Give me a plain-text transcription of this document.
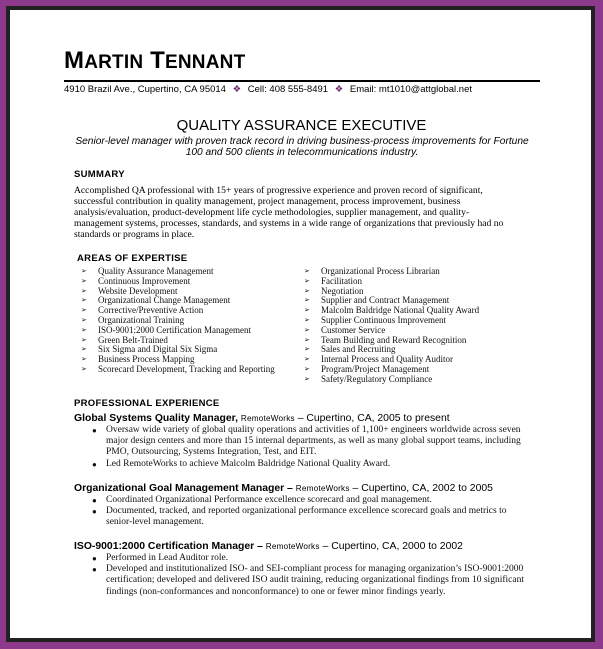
MARTIN TENNANT
4910 Brazil Ave., Cupertino, CA 95014 ❖ Cell: 408 555-8491 ❖ Email: mt1010@attglobal.net
QUALITY ASSURANCE EXECUTIVE
Senior-level manager with proven track record in driving business-process improvements for Fortune 100 and 500 clients in telecommunications industry.
SUMMARY
Accomplished QA professional with 15+ years of progressive experience and proven record of significant, successful contribution in quality management, project management, process improvement, business analysis/evaluation, product-development life cycle methodologies, supplier management, and quality-management systems, processes, standards, and systems in a wide range of organizations that previously had no standards or programs in place.
AREAS OF EXPERTISE
➢ Quality Assurance Management
➢ Continuous Improvement
➢ Website Development
➢ Organizational Change Management
➢ Corrective/Preventive Action
➢ Organizational Training
➢ ISO-9001:2000 Certification Management
➢ Green Belt-Trained
➢ Six Sigma and Digital Six Sigma
➢ Business Process Mapping
➢ Scorecard Development, Tracking and Reporting
➢ Organizational Process Librarian
➢ Facilitation
➢ Negotiation
➢ Supplier and Contract Management
➢ Malcolm Baldridge National Quality Award
➢ Supplier Continuous Improvement
➢ Customer Service
➢ Team Building and Reward Recognition
➢ Sales and Recruiting
➢ Internal Process and Quality Auditor
➢ Program/Project Management
➢ Safety/Regulatory Compliance
PROFESSIONAL EXPERIENCE
Global Systems Quality Manager, RemoteWorks – Cupertino, CA, 2005 to present
● Oversaw wide variety of global quality operations and activities of 1,100+ engineers worldwide across seven major design centers and more than 15 internal departments, as well as many global support teams, including PMO, Outsourcing, Systems Integration, Test, and EIT.
● Led RemoteWorks to achieve Malcolm Baldridge National Quality Award.
Organizational Goal Management Manager – RemoteWorks – Cupertino, CA, 2002 to 2005
● Coordinated Organizational Performance excellence scorecard and goal management.
● Documented, tracked, and reported organizational performance excellence scorecard goals and metrics to senior-level management.
ISO-9001:2000 Certification Manager – RemoteWorks – Cupertino, CA, 2000 to 2002
● Performed in Lead Auditor role.
● Developed and institutionalized ISO- and SEI-compliant process for managing organization’s ISO-9001:2000 certification; developed and delivered ISO audit training, reducing organizational findings from 10 significant findings (non-conformances and nonconformance) to one or fewer minor findings yearly.
